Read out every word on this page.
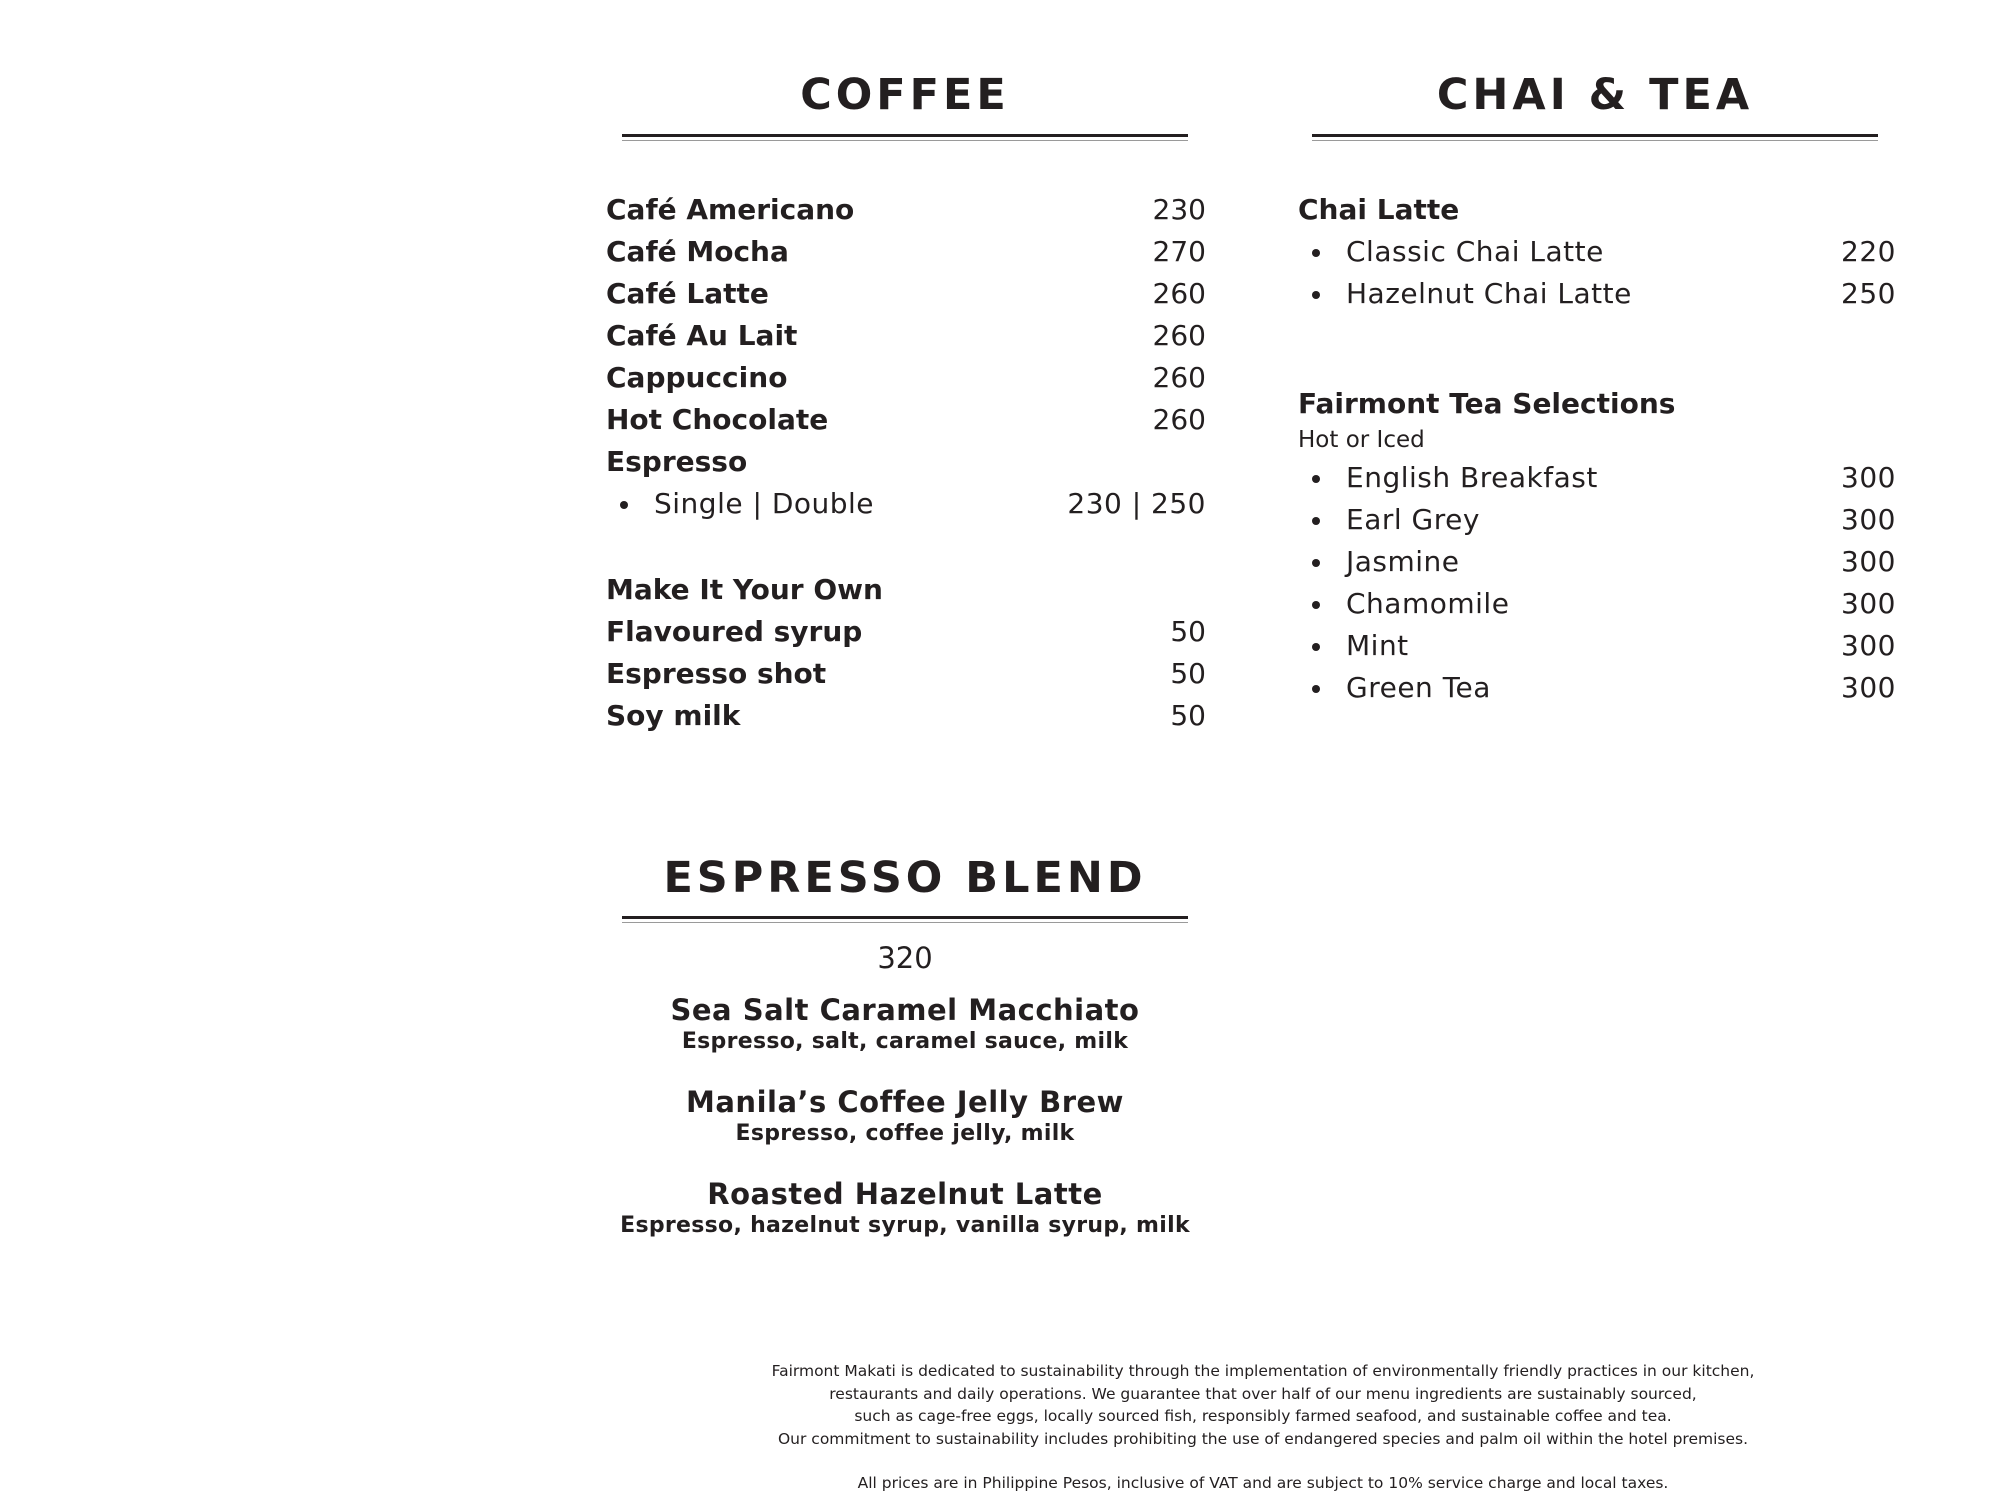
COFFEE
Café Americano	230
Café Mocha	270
Café Latte	260
Café Au Lait	260
Cappuccino	260
Hot Chocolate	260
Espresso
Single | Double	230 | 250
Make It Your Own
Flavoured syrup	50
Espresso shot	50
Soy milk	50
CHAI & TEA
Chai Latte
Classic Chai Latte	220
Hazelnut Chai Latte	250
Fairmont Tea Selections
Hot or Iced
English Breakfast	300
Earl Grey	300
Jasmine	300
Chamomile	300
Mint	300
Green Tea	300
ESPRESSO BLEND
320
Sea Salt Caramel Macchiato
Espresso, salt, caramel sauce, milk
Manila’s Coffee Jelly Brew
Espresso, coffee jelly, milk
Roasted Hazelnut Latte
Espresso, hazelnut syrup, vanilla syrup, milk
Fairmont Makati is dedicated to sustainability through the implementation of environmentally friendly practices in our kitchen,
restaurants and daily operations. We guarantee that over half of our menu ingredients are sustainably sourced,
such as cage-free eggs, locally sourced fish, responsibly farmed seafood, and sustainable coffee and tea.
Our commitment to sustainability includes prohibiting the use of endangered species and palm oil within the hotel premises.
All prices are in Philippine Pesos, inclusive of VAT and are subject to 10% service charge and local taxes.
